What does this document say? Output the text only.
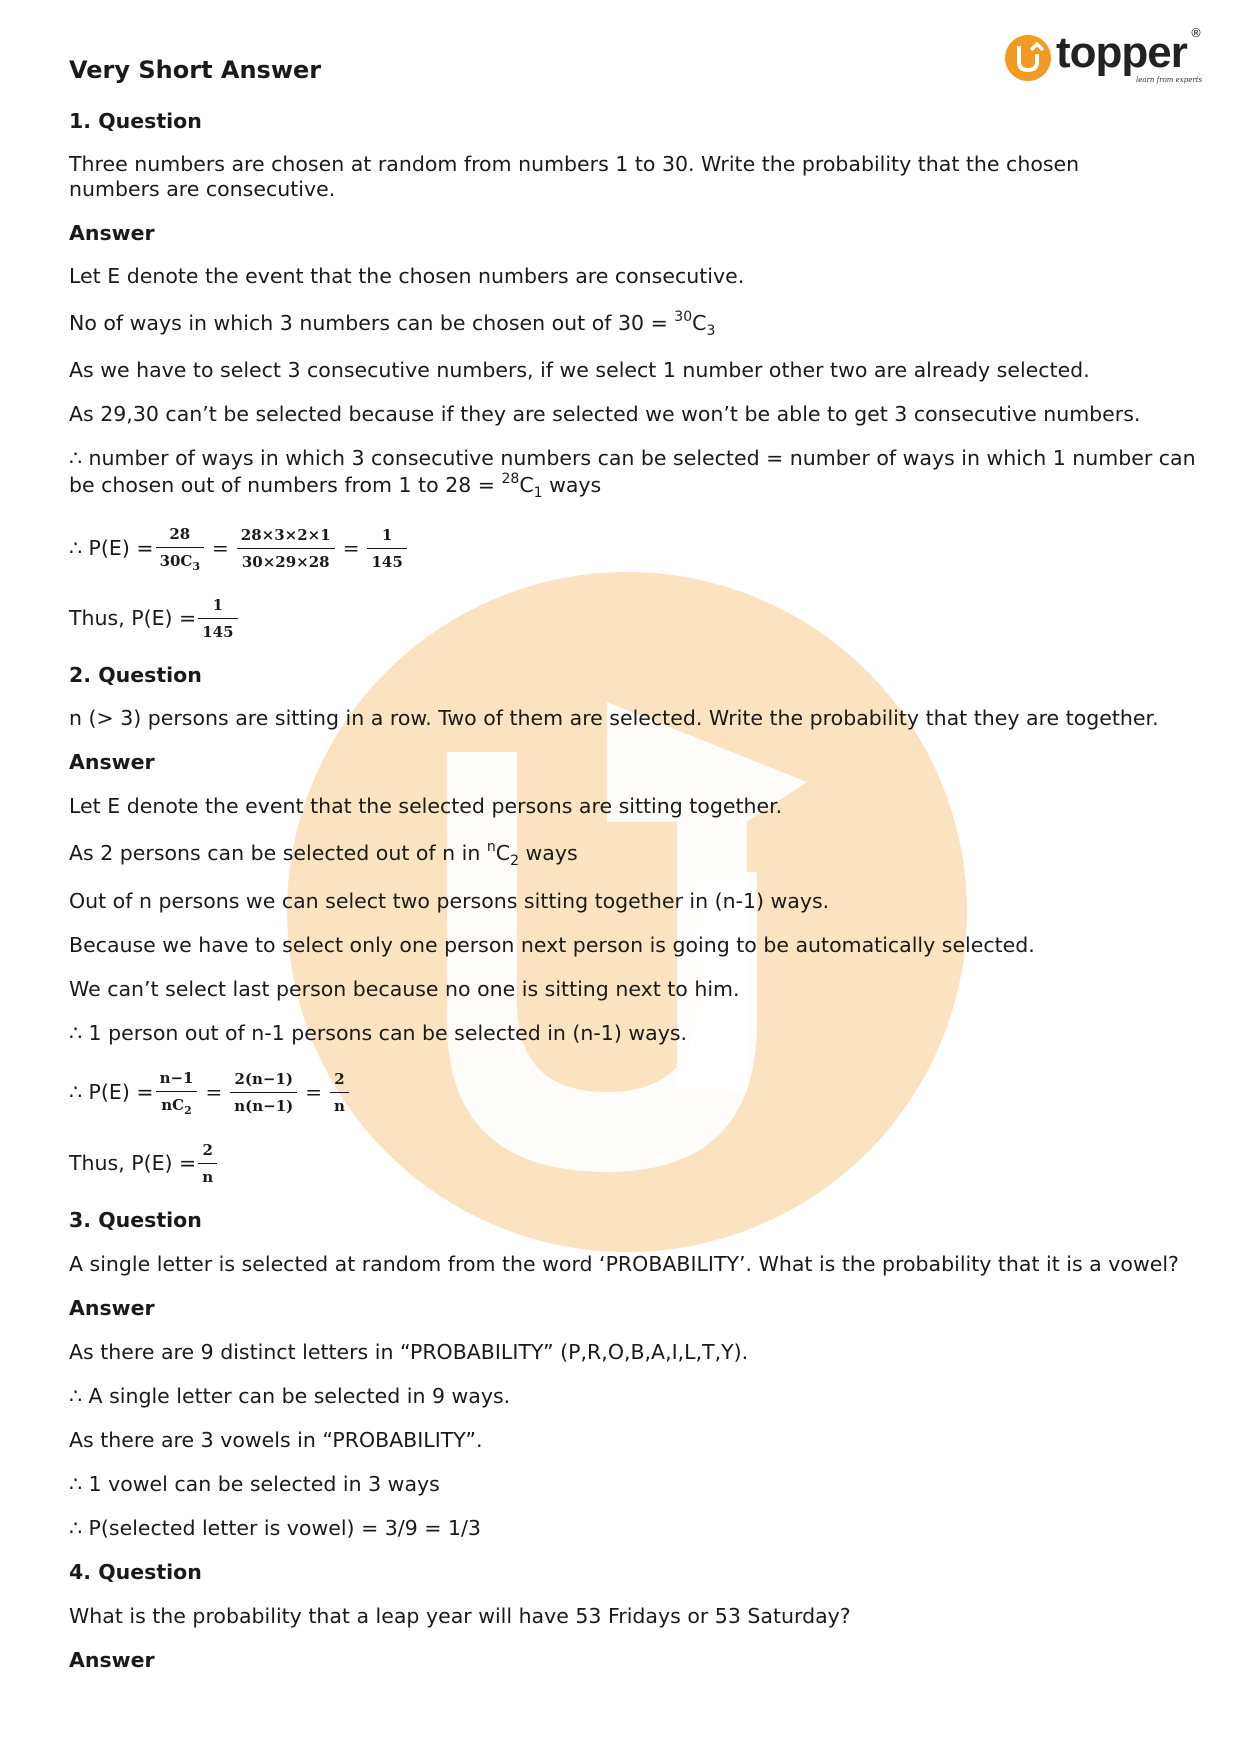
topper ®
learn from experts
Very Short Answer
1. Question
Three numbers are chosen at random from numbers 1 to 30. Write the probability that the chosen numbers are consecutive.
Answer
Let E denote the event that the chosen numbers are consecutive.
No of ways in which 3 numbers can be chosen out of $30 = ^{30}C_3$
As we have to select 3 consecutive numbers, if we select 1 number other two are already selected.
As 29,30 can’t be selected because if they are selected we won’t be able to get 3 consecutive numbers.
∴ number of ways in which 3 consecutive numbers can be selected = number of ways in which 1 number can
be chosen out of numbers from 1 to $28 = ^{28}C_1$ ways
∴ $P(E) = \frac{28}{30C_3} = \frac{28\times 3\times 2\times 1}{30\times 29\times 28} = \frac{1}{145}$
Thus, $P(E) = \frac{1}{145}$
2. Question
n (> 3) persons are sitting in a row. Two of them are selected. Write the probability that they are together.
Answer
Let E denote the event that the selected persons are sitting together.
As 2 persons can be selected out of n in $^nC_2$ ways
Out of n persons we can select two persons sitting together in (n-1) ways.
Because we have to select only one person next person is going to be automatically selected.
We can’t select last person because no one is sitting next to him.
∴ 1 person out of n-1 persons can be selected in (n-1) ways.
∴ $P(E) = \frac{n-1}{nC_2} = \frac{2(n-1)}{n(n-1)} = \frac{2}{n}$
Thus, $P(E) = \frac{2}{n}$
3. Question
A single letter is selected at random from the word ‘PROBABILITY’. What is the probability that it is a vowel?
Answer
As there are 9 distinct letters in “PROBABILITY” (P,R,O,B,A,I,L,T,Y).
∴ A single letter can be selected in 9 ways.
As there are 3 vowels in “PROBABILITY”.
∴ 1 vowel can be selected in 3 ways
∴ P(selected letter is vowel) = 3/9 = 1/3
4. Question
What is the probability that a leap year will have 53 Fridays or 53 Saturday?
Answer
